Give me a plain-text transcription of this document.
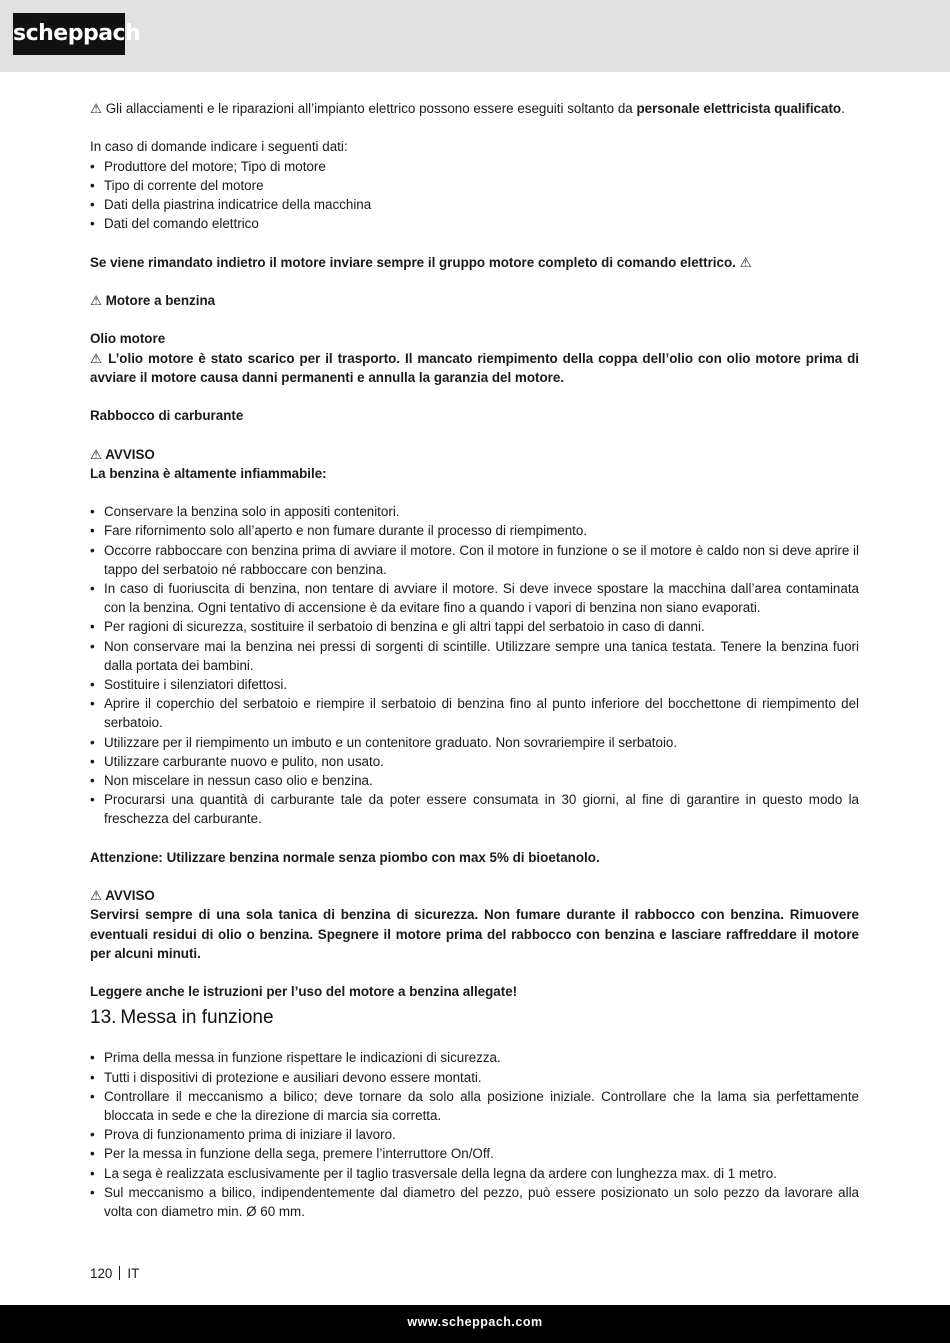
scheppach
⚠ Gli allacciamenti e le riparazioni all’impianto elettrico possono essere eseguiti soltanto da personale elettricista qualificato.
In caso di domande indicare i seguenti dati:
• Produttore del motore; Tipo di motore
• Tipo di corrente del motore
• Dati della piastrina indicatrice della macchina
• Dati del comando elettrico
Se viene rimandato indietro il motore inviare sempre il gruppo motore completo di comando elettrico. ⚠
⚠ Motore a benzina
Olio motore
⚠ L’olio motore è stato scarico per il trasporto. Il mancato riempimento della coppa dell’olio con olio motore prima di avviare il motore causa danni permanenti e annulla la garanzia del motore.
Rabbocco di carburante
⚠ AVVISO
La benzina è altamente infiammabile:
• Conservare la benzina solo in appositi contenitori.
• Fare rifornimento solo all’aperto e non fumare durante il processo di riempimento.
• Occorre rabboccare con benzina prima di avviare il motore. Con il motore in funzione o se il motore è caldo non si deve aprire il tappo del serbatoio né rabboccare con benzina.
• In caso di fuoriuscita di benzina, non tentare di avviare il motore. Si deve invece spostare la macchina dall’area contaminata con la benzina. Ogni tentativo di accensione è da evitare fino a quando i vapori di benzina non siano evaporati.
• Per ragioni di sicurezza, sostituire il serbatoio di benzina e gli altri tappi del serbatoio in caso di danni.
• Non conservare mai la benzina nei pressi di sorgenti di scintille. Utilizzare sempre una tanica testata. Tenere la benzina fuori dalla portata dei bambini.
• Sostituire i silenziatori difettosi.
• Aprire il coperchio del serbatoio e riempire il serbatoio di benzina fino al punto inferiore del bocchettone di riempimento del serbatoio.
• Utilizzare per il riempimento un imbuto e un contenitore graduato. Non sovrariempire il serbatoio.
• Utilizzare carburante nuovo e pulito, non usato.
• Non miscelare in nessun caso olio e benzina.
• Procurarsi una quantità di carburante tale da poter essere consumata in 30 giorni, al fine di garantire in questo modo la freschezza del carburante.
Attenzione: Utilizzare benzina normale senza piombo con max 5% di bioetanolo.
⚠ AVVISO
Servirsi sempre di una sola tanica di benzina di sicurezza. Non fumare durante il rabbocco con benzina. Rimuovere eventuali residui di olio o benzina. Spegnere il motore prima del rabbocco con benzina e lasciare raffreddare il motore per alcuni minuti.
Leggere anche le istruzioni per l’uso del motore a benzina allegate!
13. Messa in funzione
• Prima della messa in funzione rispettare le indicazioni di sicurezza.
• Tutti i dispositivi di protezione e ausiliari devono essere montati.
• Controllare il meccanismo a bilico; deve tornare da solo alla posizione iniziale. Controllare che la lama sia perfettamente bloccata in sede e che la direzione di marcia sia corretta.
• Prova di funzionamento prima di iniziare il lavoro.
• Per la messa in funzione della sega, premere l’interruttore On/Off.
• La sega è realizzata esclusivamente per il taglio trasversale della legna da ardere con lunghezza max. di 1 metro.
• Sul meccanismo a bilico, indipendentemente dal diametro del pezzo, può essere posizionato un solo pezzo da lavorare alla volta con diametro min. Ø 60 mm.
120 IT
www.scheppach.com
